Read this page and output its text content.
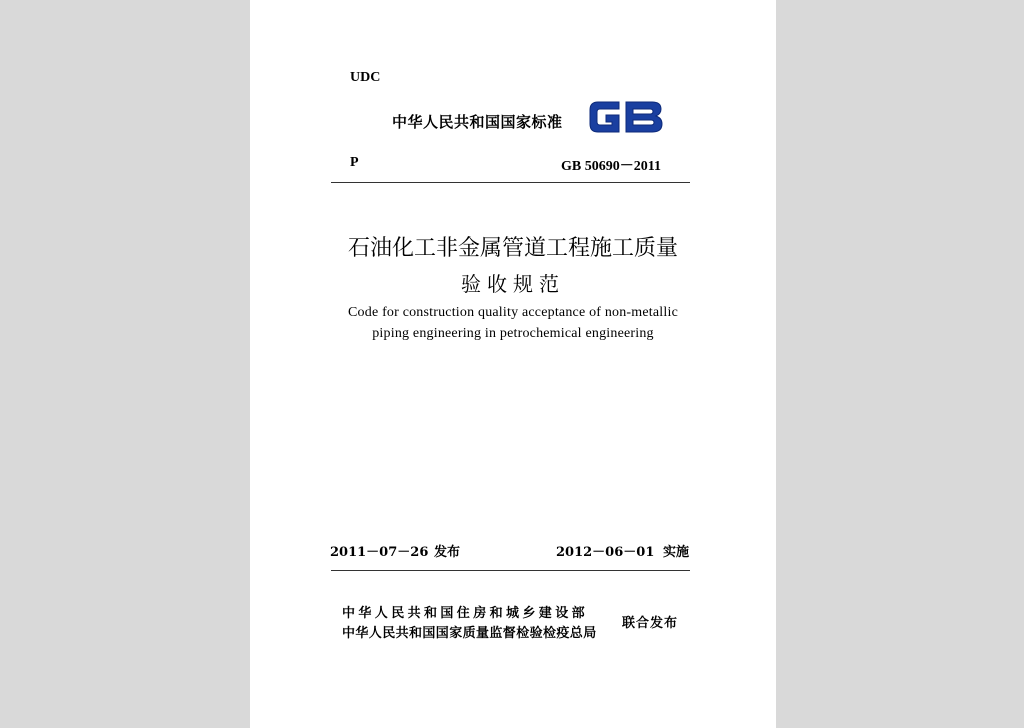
UDC
中华人民共和国国家标准
P	GB 50690－2011
石油化工非金属管道工程施工质量
验收规范
Code for construction quality acceptance of non-metallic
piping engineering in petrochemical engineering
2011－07－26 发布	2012－06－01 实施
中华人民共和国住房和城乡建设部
中华人民共和国国家质量监督检验检疫总局
联合发布
